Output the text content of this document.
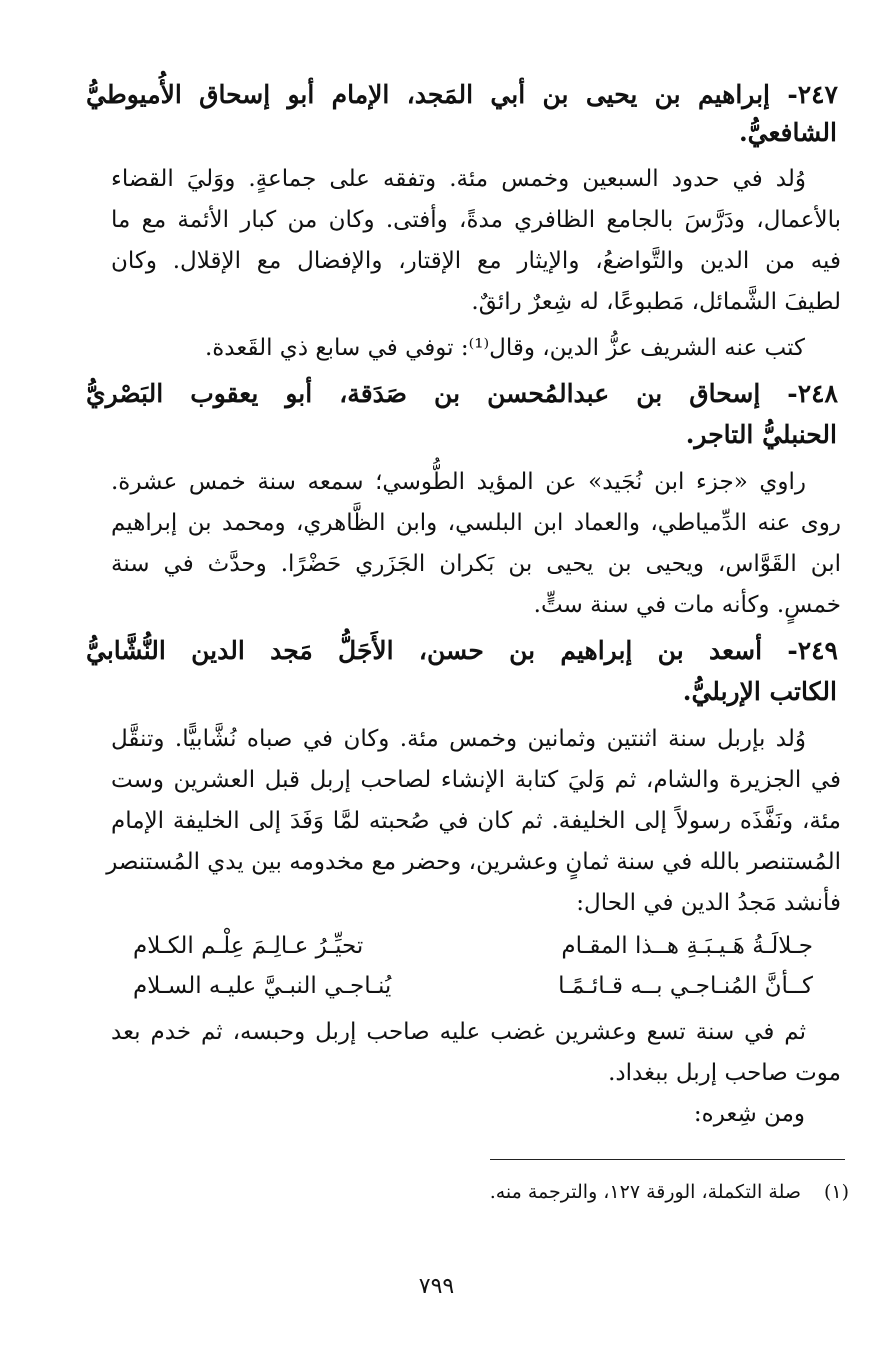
٢٤٧- إبراهيم بن يحيى بن أبي المَجد، الإمام أبو إسحاق الأُميوطيُّ
الشافعيُّ.
وُلد في حدود السبعين وخمس مئة. وتفقه على جماعةٍ. ووَليَ القضاء
بالأعمال، ودَرَّسَ بالجامع الظافري مدةً، وأفتى. وكان من كبار الأئمة مع ما
فيه من الدين والتَّواضعُ، والإيثار مع الإقتار، والإفضال مع الإقلال. وكان
لطيفَ الشَّمائل، مَطبوعًا، له شِعرٌ رائقٌ.
كتب عنه الشريف عزُّ الدين، وقال⁽¹⁾: توفي في سابع ذي القَعدة.
٢٤٨- إسحاق بن عبدالمُحسن بن صَدَقة، أبو يعقوب البَصْريُّ
الحنبليُّ التاجر.
راوي «جزء ابن نُجَيد» عن المؤيد الطُّوسي؛ سمعه سنة خمس عشرة.
روى عنه الدِّمياطي، والعماد ابن البلسي، وابن الظَّاهري، ومحمد بن إبراهيم
ابن القَوَّاس، ويحيى بن يحيى بن بَكران الجَزَري حَضْرًا. وحدَّث في سنة
خمسٍ. وكأنه مات في سنة ستٍّ.
٢٤٩- أسعد بن إبراهيم بن حسن، الأَجَلُّ مَجد الدين النُّشَّابيُّ
الكاتب الإربليُّ.
وُلد بإربل سنة اثنتين وثمانين وخمس مئة. وكان في صباه نُشَّابيًّا. وتنقَّل
في الجزيرة والشام، ثم وَليَ كتابة الإنشاء لصاحب إربل قبل العشرين وست
مئة، ونَفَّذَه رسولاً إلى الخليفة. ثم كان في صُحبته لمَّا وَفَدَ إلى الخليفة الإمام
المُستنصر بالله في سنة ثمانٍ وعشرين، وحضر مع مخدومه بين يدي المُستنصر
فأنشد مَجدُ الدين في الحال:
جـلالَـةُ هَـيـبَـةِ هــذا المقـام
تحيِّـرُ عـالِـمَ عِلْـم الكـلام
كــأنَّ المُنـاجـي بــه قـائـمًـا
يُنـاجـي النبـيَّ عليـه السـلام
ثم في سنة تسع وعشرين غضب عليه صاحب إربل وحبسه، ثم خدم بعد
موت صاحب إربل ببغداد.
ومن شِعره:
(١)
صلة التكملة، الورقة ١٢٧، والترجمة منه.
٧٩٩
